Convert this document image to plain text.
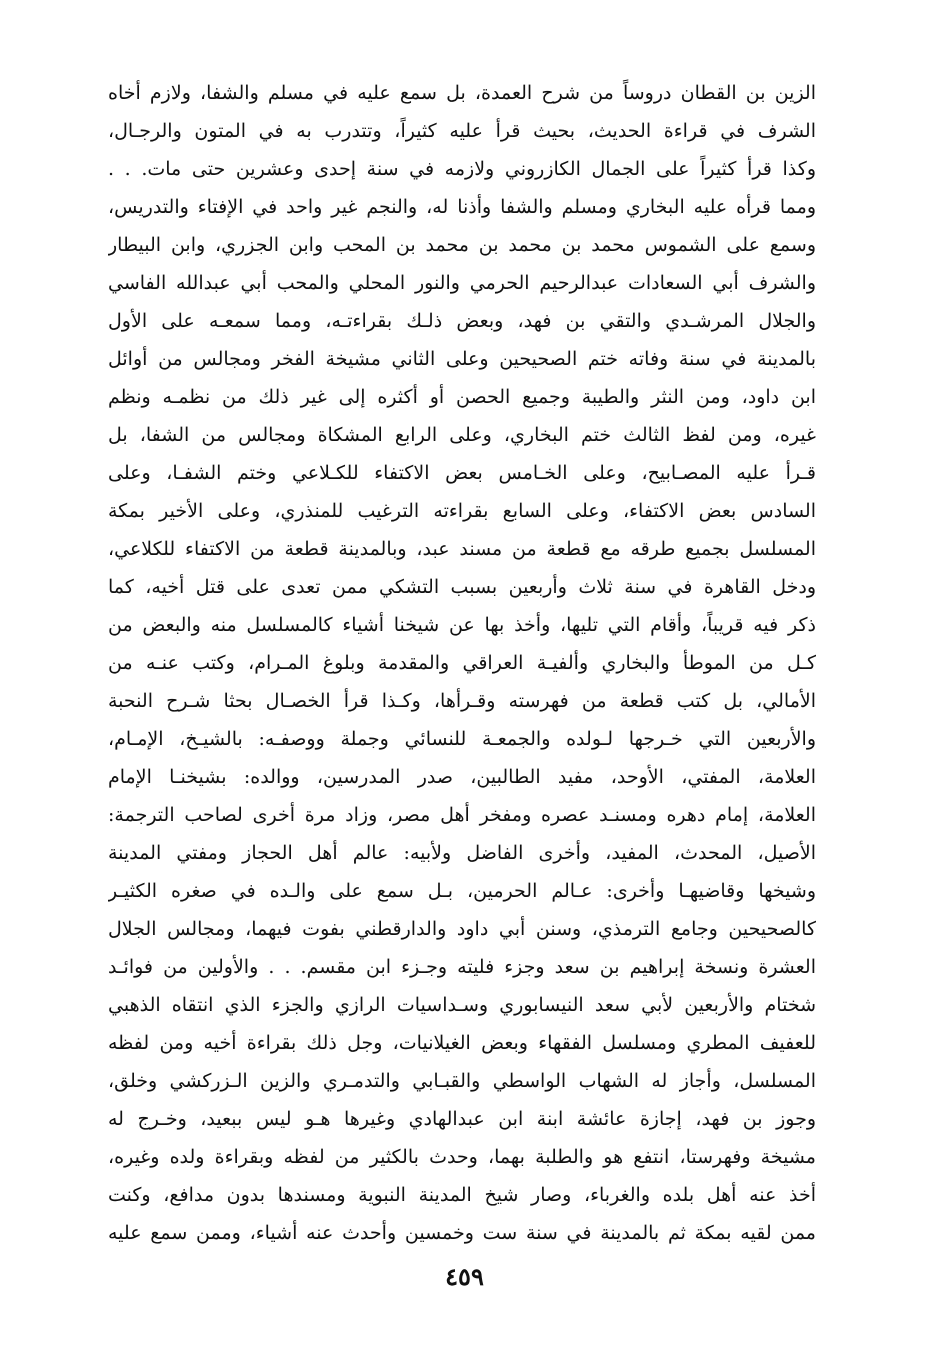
الزين بن القطان دروساً من شرح العمدة، بل سمع عليه في مسلم والشفا، ولازم أخاه
الشرف في قراءة الحديث، بحيث قرأ عليه كثيراً، وتتدرب به في المتون والرجـال،
وكذا قرأ كثيراً على الجمال الكازروني ولازمه في سنة إحدى وعشرين حتى مات. . .
ومما قرأه عليه البخاري ومسلم والشفا وأذنا له، والنجم غير واحد في الإفتاء والتدريس،
وسمع على الشموس محمد بن محمد بن محمد بن المحب وابن الجزري، وابن البيطار
والشرف أبي السعادات عبدالرحيم الحرمي والنور المحلي والمحب أبي عبدالله الفاسي
والجلال المرشـدي والتقي بن فهد، وبعض ذلـك بقراءتـه، ومما سمعـه على الأول
بالمدينة في سنة وفاته ختم الصحيحين وعلى الثاني مشيخة الفخر ومجالس من أوائل
ابن داود، ومن النثر والطيبة وجميع الحصن أو أكثره إلى غير ذلك من نظمـه ونظم
غيره، ومن لفظ الثالث ختم البخاري، وعلى الرابع المشكاة ومجالس من الشفا، بل
قـرأ عليه المصـابيح، وعلى الخـامس بعض الاكتفاء للكـلاعي وختم الشفـا، وعلى
السادس بعض الاكتفاء، وعلى السابع بقراءته الترغيب للمنذري، وعلى الأخير بمكة
المسلسل بجميع طرقه مع قطعة من مسند عبد، وبالمدينة قطعة من الاكتفاء للكلاعي،
ودخل القاهرة في سنة ثلاث وأربعين بسبب التشكي ممن تعدى على قتل أخيه، كما
ذكر فيه قريباً، وأقام التي تليها، وأخذ بها عن شيخنا أشياء كالمسلسل منه والبعض من
كـل من الموطأ والبخاري وألفيـة العراقي والمقدمة وبلوغ المـرام، وكتب عنـه من
الأمالي، بل كتب قطعة من فهرسته وقـرأها، وكـذا قرأ الخصـال بحثا شـرح النحبة
والأربعين التي خـرجها لـولده والجمعـة للنسائي وجملة ووصفـه: بالشيـخ، الإمـام،
العلامة، المفتي، الأوحد، مفيد الطالبين، صدر المدرسين، ووالده: بشيخنـا الإمام
العلامة، إمام دهره ومسنـد عصره ومفخر أهل مصر، وزاد مرة أخرى لصاحب الترجمة:
الأصيل، المحدث، المفيد، وأخرى الفاضل ولأبيه: عالم أهل الحجاز ومفتي المدينة
وشيخها وقاضيهـا وأخرى: عـالم الحرمين، بـل سمع على والـده في صغره الكثيـر
كالصحيحين وجامع الترمذي، وسنن أبي داود والدارقطني بفوت فيهما، ومجالس الجلال
العشرة ونسخة إبراهيم بن سعد وجزء فليته وجـزء ابن مقسم. . . والأولين من فوائـد
شختام والأربعين لأبي سعد النيسابوري وسـداسيات الرازي والجزء الذي انتقاه الذهبي
للعفيف المطري ومسلسل الفقهاء وبعض الغيلانيات، وجل ذلك بقراءة أخيه ومن لفظه
المسلسل، وأجاز له الشهاب الواسطي والقبـابي والتدمـري والزين الـزركشي وخلق،
وجوز بن فهد، إجازة عائشة ابنة ابن عبدالهادي وغيرها هـو ليس ببعيد، وخـرج له
مشيخة وفهرستا، انتفع هو والطلبة بهما، وحدث بالكثير من لفظه وبقراءة ولده وغيره،
أخذ عنه أهل بلده والغرباء، وصار شيخ المدينة النبوية ومسندها بدون مدافع، وكنت
ممن لقيه بمكة ثم بالمدينة في سنة ست وخمسين وأحدث عنه أشياء، وممن سمع عليه
٤٥٩
